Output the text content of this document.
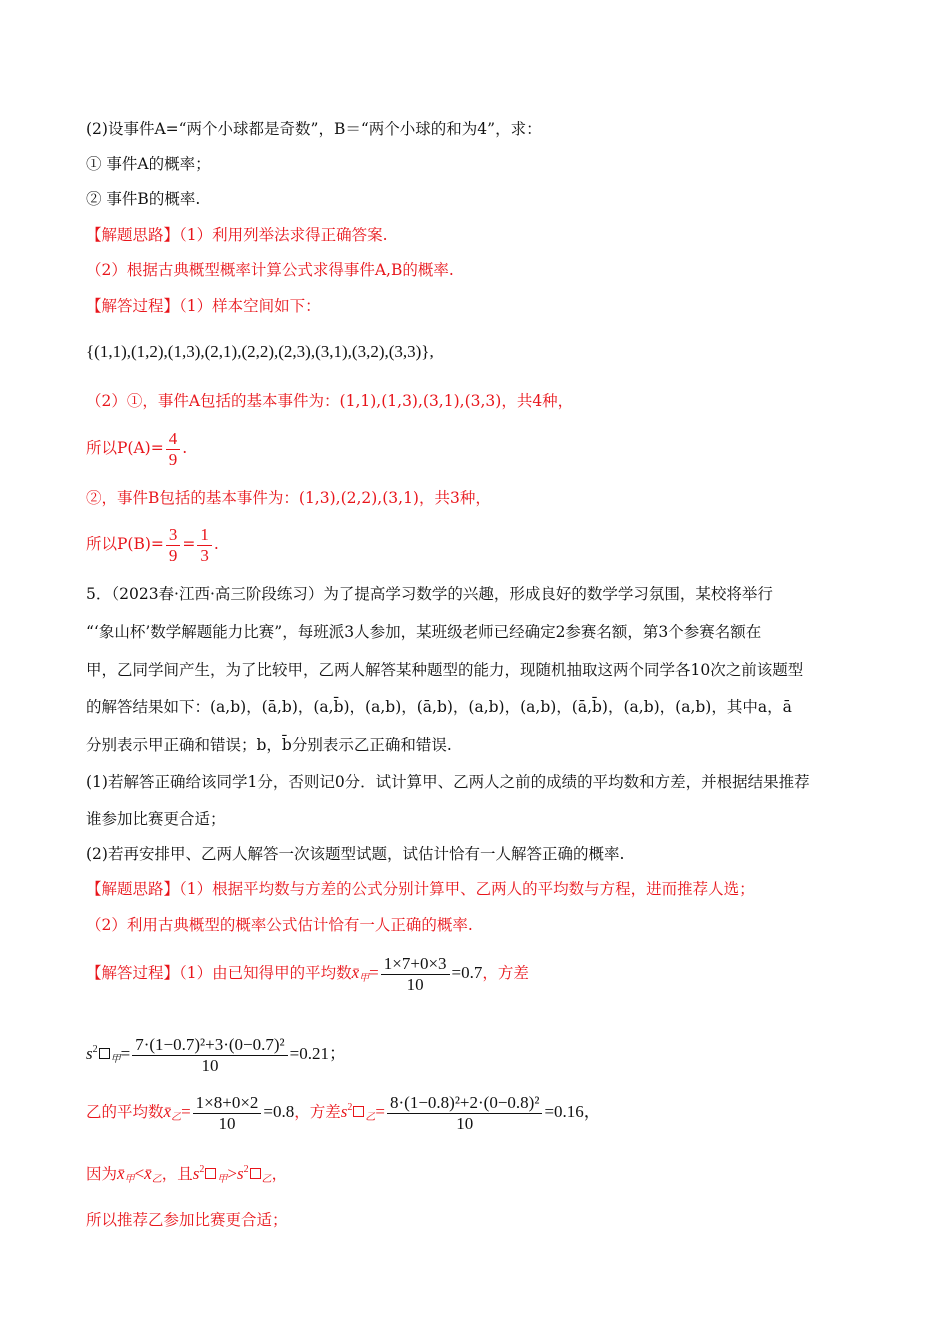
(2)设事件A=“两个小球都是奇数”，B＝“两个小球的和为4”，求：
① 事件A的概率；
② 事件B的概率.
【解题思路】（1）利用列举法求得正确答案.
（2）根据古典概型概率计算公式求得事件A,B的概率.
【解答过程】（1）样本空间如下：
{(1,1),(1,2),(1,3),(2,1),(2,2),(2,3),(3,1),(3,2),(3,3)},
（2）①，事件A包括的基本事件为：(1,1),(1,3),(3,1),(3,3)，共4种，
所以$P(A)= \frac{4}{9}$ .
②，事件B包括的基本事件为：(1,3),(2,2),(3,1)，共3种，
所以$P(B)= \frac{3}{9} = \frac{1}{3}$ .
5．（2023春·江西·高三阶段练习）为了提高学习数学的兴趣，形成良好的数学学习氛围，某校将举行
“‘象山杯’数学解题能力比赛”，每班派3人参加，某班级老师已经确定2参赛名额，第3个参赛名额在
甲，乙同学间产生，为了比较甲，乙两人解答某种题型的能力，现随机抽取这两个同学各10次之前该题型
的解答结果如下：(a,b)，(ā,b)，(a,b̄)，(a,b)，(ā,b)，(a,b)，(a,b)，(ā,b̄)，(a,b)，(a,b)，其中a，ā
分别表示甲正确和错误；b，b̄分别表示乙正确和错误.
(1)若解答正确给该同学1分，否则记0分．试计算甲、乙两人之前的成绩的平均数和方差，并根据结果推荐
谁参加比赛更合适；
(2)若再安排甲、乙两人解答一次该题型试题，试估计恰有一人解答正确的概率.
【解题思路】（1）根据平均数与方差的公式分别计算甲、乙两人的平均数与方程，进而推荐人选；
（2）利用古典概型的概率公式估计恰有一人正确的概率.
【解答过程】（1）由已知得甲的平均数$x̄_甲= \frac{1\times 7+0\times 3}{10} =0.7$，方差
$s^2_甲= \frac{\text{7·(1−0.7)²+3·(0−0.7)²}}{10} =0.21$；
乙的平均数$x̄_乙= \frac{1\times 8+0\times 2}{10} =0.8$，方差$s^2_乙= \frac{\text{8·(1−0.8)²+2·(0−0.8)²}}{10} =0.16$，
因为$x̄_甲<x̄_乙$，且$s^2_甲>s^2_乙$，
所以推荐乙参加比赛更合适；
